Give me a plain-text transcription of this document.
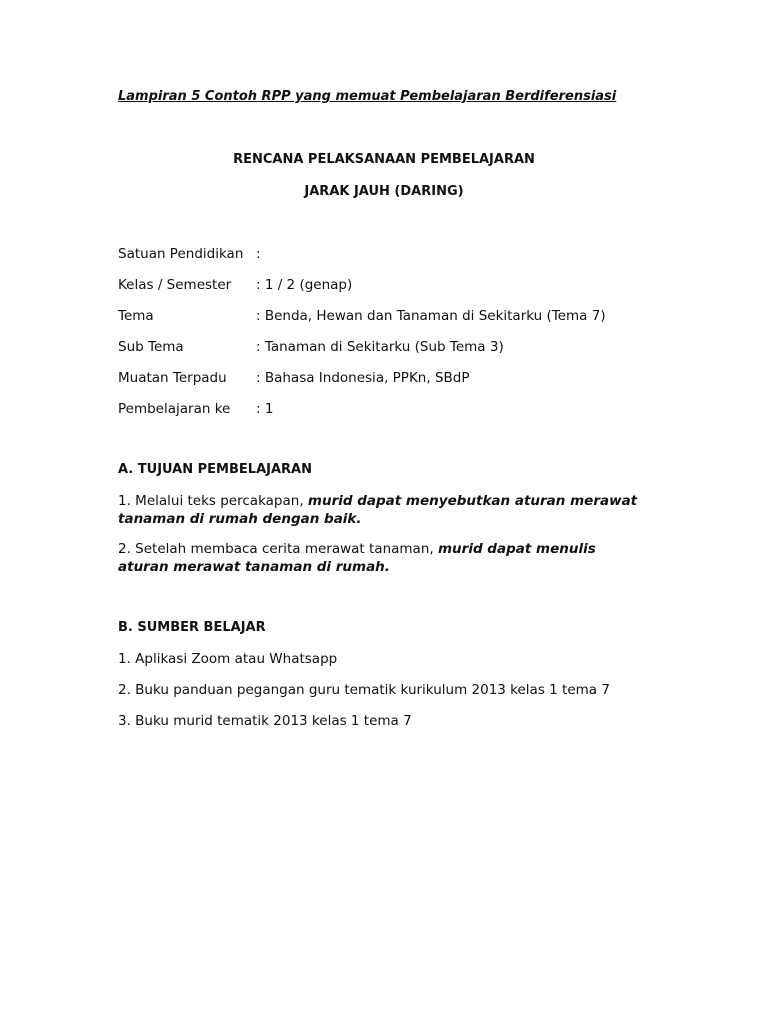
Lampiran 5 Contoh RPP yang memuat Pembelajaran Berdiferensiasi
RENCANA PELAKSANAAN PEMBELAJARAN
JARAK JAUH (DARING)
Satuan Pendidikan :
Kelas / Semester : 1 / 2 (genap)
Tema	: Benda, Hewan dan Tanaman di Sekitarku (Tema 7)
Sub Tema	: Tanaman di Sekitarku (Sub Tema 3)
Muatan Terpadu : Bahasa Indonesia, PPKn, SBdP
Pembelajaran ke : 1
A. TUJUAN PEMBELAJARAN
1. Melalui teks percakapan, murid dapat menyebutkan aturan merawat tanaman di rumah dengan baik.
2. Setelah membaca cerita merawat tanaman, murid dapat menulis aturan merawat tanaman di rumah.
B. SUMBER BELAJAR
1. Aplikasi Zoom atau Whatsapp
2. Buku panduan pegangan guru tematik kurikulum 2013 kelas 1 tema 7
3. Buku murid tematik 2013 kelas 1 tema 7
